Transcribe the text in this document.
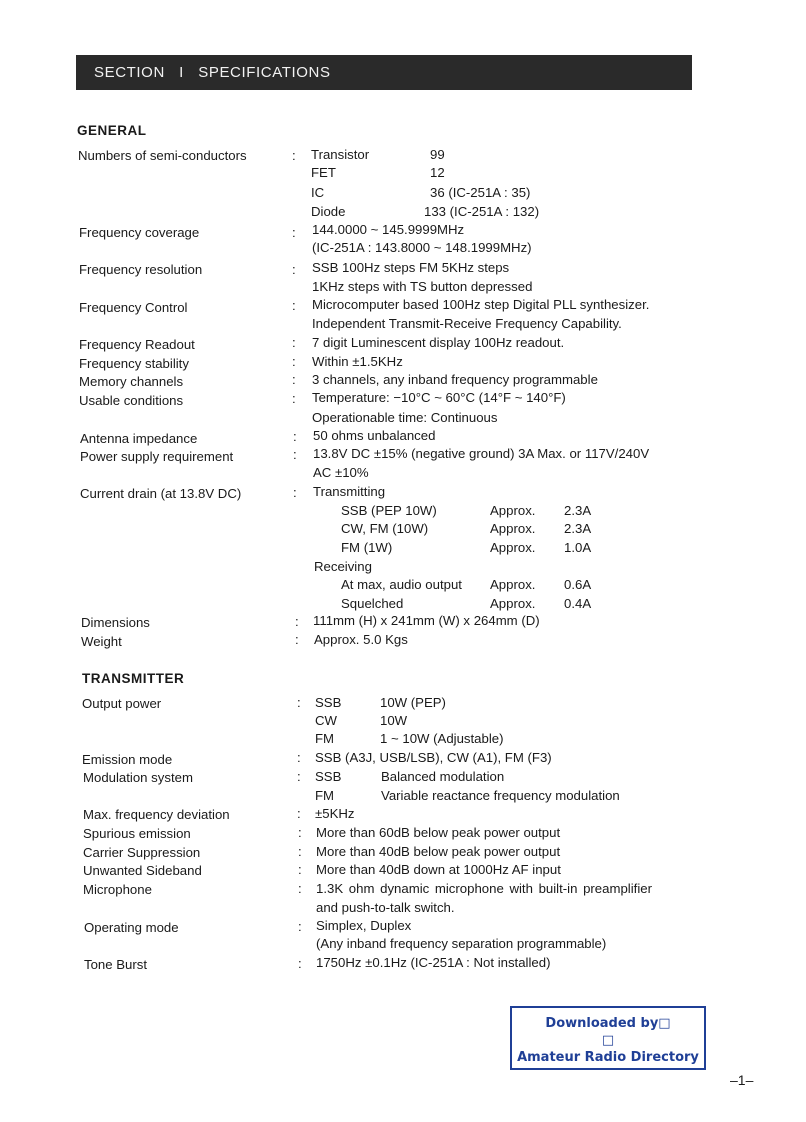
SECTION   I   SPECIFICATIONS
GENERAL
Numbers of semi-conductors	: Transistor	99
FET	12
IC	36 (IC-251A : 35)
Diode	133 (IC-251A : 132)
Frequency coverage	: 144.0000 ~ 145.9999MHz
(IC-251A : 143.8000 ~ 148.1999MHz)
Frequency resolution	: SSB 100Hz steps FM 5KHz steps
1KHz steps with TS button depressed
Frequency Control	: Microcomputer based 100Hz step Digital PLL synthesizer.
Independent Transmit-Receive Frequency Capability.
Frequency Readout	: 7 digit Luminescent display 100Hz readout.
Frequency stability	: Within ±1.5KHz
Memory channels	: 3 channels, any inband frequency programmable
Usable conditions	: Temperature: −10°C ~ 60°C (14°F ~ 140°F)
Operationable time: Continuous
Antenna impedance	: 50 ohms unbalanced
Power supply requirement	: 13.8V DC ±15% (negative ground) 3A Max. or 117V/240V
AC ±10%
Current drain (at 13.8V DC)	: Transmitting
SSB (PEP 10W)	Approx. 2.3A
CW, FM (10W)	Approx. 2.3A
FM (1W)	Approx. 1.0A
Receiving
At max, audio output Approx. 0.6A
Squelched	Approx. 0.4A
Dimensions	: 111mm (H) x 241mm (W) x 264mm (D)
Weight	: Approx. 5.0 Kgs
TRANSMITTER
Output power	: SSB	10W (PEP)
CW	10W
FM	1 ~ 10W (Adjustable)
Emission mode	: SSB (A3J, USB/LSB), CW (A1), FM (F3)
Modulation system	: SSB	Balanced modulation
FM	Variable reactance frequency modulation
Max. frequency deviation	: ±5KHz
Spurious emission	: More than 60dB below peak power output
Carrier Suppression	: More than 40dB below peak power output
Unwanted Sideband	: More than 40dB down at 1000Hz AF input
Microphone	: 1.3K ohm dynamic microphone with built-in preamplifier
and push-to-talk switch.
Operating mode	: Simplex, Duplex
(Any inband frequency separation programmable)
Tone Burst	: 1750Hz ±0.1Hz (IC-251A : Not installed)
Downloaded by□
□
Amateur Radio Directory
–1–
